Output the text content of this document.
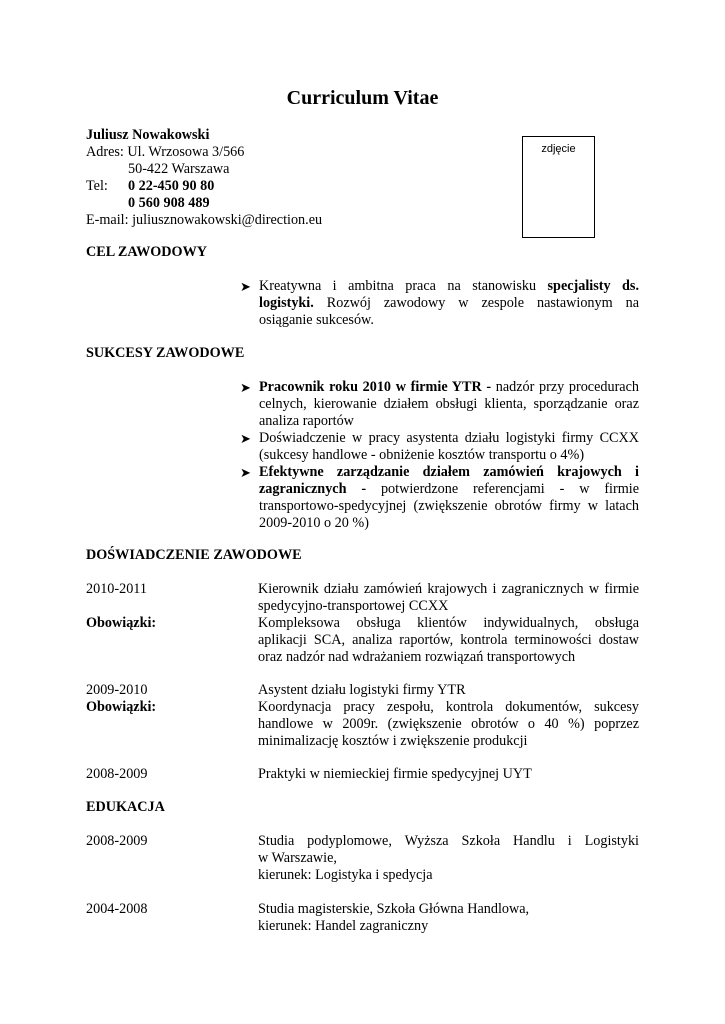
Curriculum Vitae
Juliusz Nowakowski
Adres: Ul. Wrzosowa 3/566
50-422 Warszawa
Tel: 0 22-450 90 80
0 560 908 489
E-mail: juliusznowakowski@direction.eu
zdjęcie
CEL ZAWODOWY
➤ Kreatywna i ambitna praca na stanowisku specjalisty ds. logistyki. Rozwój zawodowy w zespole nastawionym na osiąganie sukcesów.
SUKCESY ZAWODOWE
➤ Pracownik roku 2010 w firmie YTR - nadzór przy procedurach celnych, kierowanie działem obsługi klienta, sporządzanie oraz analiza raportów
➤ Doświadczenie w pracy asystenta działu logistyki firmy CCXX (sukcesy handlowe - obniżenie kosztów transportu o 4%)
➤ Efektywne zarządzanie działem zamówień krajowych i zagranicznych - potwierdzone referencjami - w firmie transportowo-spedycyjnej (zwiększenie obrotów firmy w latach 2009-2010 o 20 %)
DOŚWIADCZENIE ZAWODOWE
2010-2011	Kierownik działu zamówień krajowych i zagranicznych w firmie spedycyjno-transportowej CCXX
Obowiązki:	Kompleksowa obsługa klientów indywidualnych, obsługa aplikacji SCA, analiza raportów, kontrola terminowości dostaw oraz nadzór nad wdrażaniem rozwiązań transportowych
2009-2010	Asystent działu logistyki firmy YTR
Obowiązki:	Koordynacja pracy zespołu, kontrola dokumentów, sukcesy handlowe w 2009r. (zwiększenie obrotów o 40 %) poprzez minimalizację kosztów i zwiększenie produkcji
2008-2009	Praktyki w niemieckiej firmie spedycyjnej UYT
EDUKACJA
2008-2009	Studia podyplomowe, Wyższa Szkoła Handlu i Logistyki
w Warszawie,
kierunek: Logistyka i spedycja
2004-2008	Studia magisterskie, Szkoła Główna Handlowa,
kierunek: Handel zagraniczny
